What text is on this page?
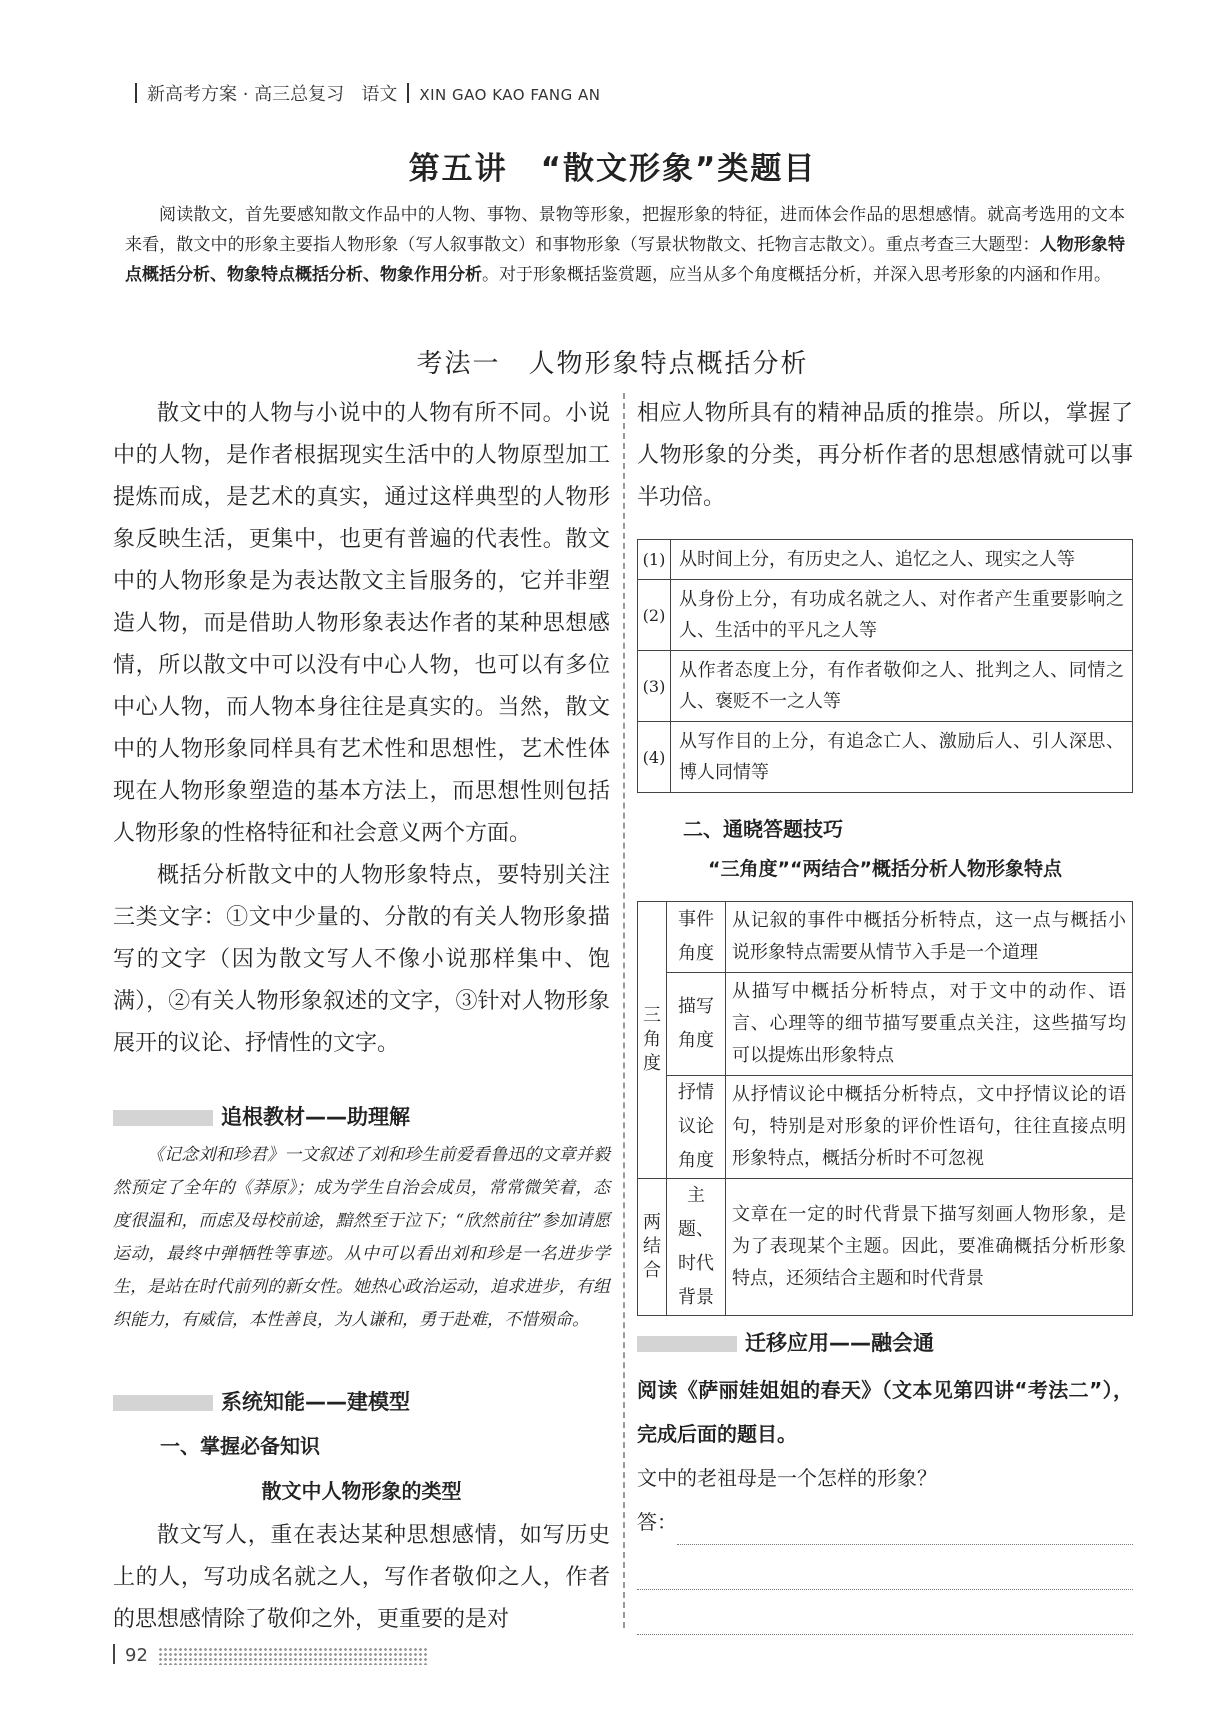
新高考方案 · 高三总复习 语文 XIN GAO KAO FANG AN
第五讲　“散文形象”类题目

阅读散文，首先要感知散文作品中的人物、事物、景物等形象，把握形象的特征，进而体会作品的思想感情。就高考选用的文本来看，散文中的形象主要指人物形象（写人叙事散文）和事物形象（写景状物散文、托物言志散文）。重点考查三大题型：人物形象特点概括分析、物象特点概括分析、物象作用分析。对于形象概括鉴赏题，应当从多个角度概括分析，并深入思考形象的内涵和作用。

考法一　人物形象特点概括分析

散文中的人物与小说中的人物有所不同。小说中的人物，是作者根据现实生活中的人物原型加工提炼而成，是艺术的真实，通过这样典型的人物形象反映生活，更集中，也更有普遍的代表性。散文中的人物形象是为表达散文主旨服务的，它并非塑造人物，而是借助人物形象表达作者的某种思想感情，所以散文中可以没有中心人物，也可以有多位中心人物，而人物本身往往是真实的。当然，散文中的人物形象同样具有艺术性和思想性，艺术性体现在人物形象塑造的基本方法上，而思想性则包括人物形象的性格特征和社会意义两个方面。

概括分析散文中的人物形象特点，要特别关注三类文字：①文中少量的、分散的有关人物形象描写的文字（因为散文写人不像小说那样集中、饱满），②有关人物形象叙述的文字，③针对人物形象展开的议论、抒情性的文字。

追根教材——助理解

《记念刘和珍君》一文叙述了刘和珍生前爱看鲁迅的文章并毅然预定了全年的《莽原》；成为学生自治会成员，常常微笑着，态度很温和，而虑及母校前途，黯然至于泣下；“欣然前往”参加请愿运动，最终中弹牺牲等事迹。从中可以看出刘和珍是一名进步学生，是站在时代前列的新女性。她热心政治运动，追求进步，有组织能力，有威信，本性善良，为人谦和，勇于赴难，不惜殒命。

系统知能——建模型
一、掌握必备知识
散文中人物形象的类型

散文写人，重在表达某种思想感情，如写历史上的人，写功成名就之人，写作者敬仰之人，作者的思想感情除了敬仰之外，更重要的是对

相应人物所具有的精神品质的推崇。所以，掌握了人物形象的分类，再分析作者的思想感情就可以事半功倍。

(1)	从时间上分，有历史之人、追忆之人、现实之人等
(2)	从身份上分，有功成名就之人、对作者产生重要影响之人、生活中的平凡之人等
(3)	从作者态度上分，有作者敬仰之人、批判之人、同情之人、褒贬不一之人等
(4)	从写作目的上分，有追念亡人、激励后人、引人深思、博人同情等
二、通晓答题技巧
“三角度”“两结合”概括分析人物形象特点
三角度	事件角度	从记叙的事件中概括分析特点，这一点与概括小说形象特点需要从情节入手是一个道理
	描写角度	从描写中概括分析特点，对于文中的动作、语言、心理等的细节描写要重点关注，这些描写均可以提炼出形象特点
	抒情议论角度	从抒情议论中概括分析特点，文中抒情议论的语句，特别是对形象的评价性语句，往往直接点明形象特点，概括分析时不可忽视
两结合	主题、时代背景	文章在一定的时代背景下描写刻画人物形象，是为了表现某个主题。因此，要准确概括分析形象特点，还须结合主题和时代背景
迁移应用——融会通

阅读《萨丽娃姐姐的春天》（文本见第四讲“考法二”），完成后面的题目。

文中的老祖母是一个怎样的形象？

答：
92
